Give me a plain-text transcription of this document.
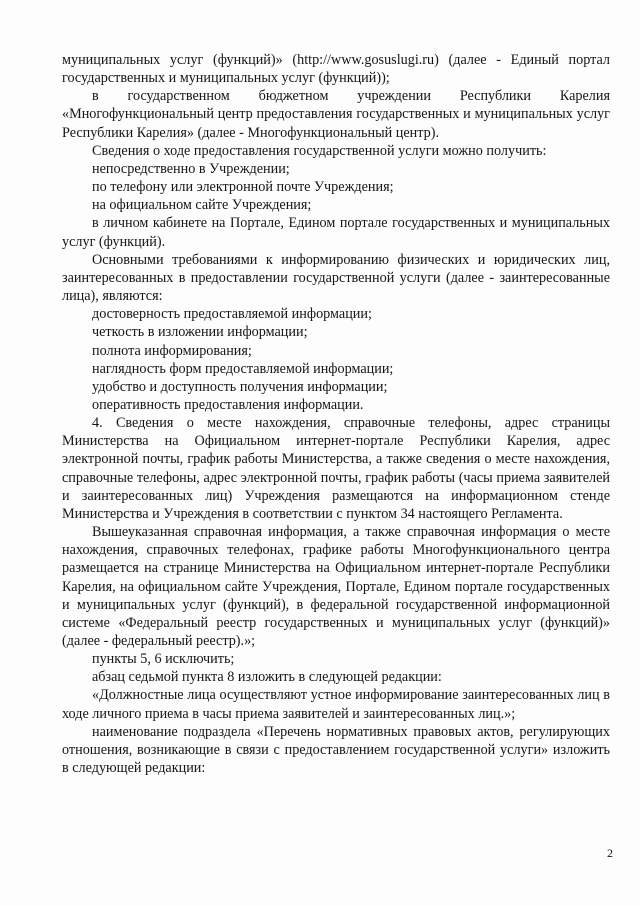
муниципальных услуг (функций)» (http://www.gosuslugi.ru) (далее - Единый портал государственных и муниципальных услуг (функций));

в государственном бюджетном учреждении Республики Карелия «Многофункциональный центр предоставления государственных и муниципальных услуг Республики Карелия» (далее - Многофункциональный центр).

Сведения о ходе предоставления государственной услуги можно получить:

непосредственно в Учреждении;

по телефону или электронной почте Учреждения;

на официальном сайте Учреждения;

в личном кабинете на Портале, Едином портале государственных и муниципальных услуг (функций).

Основными требованиями к информированию физических и юридических лиц, заинтересованных в предоставлении государственной услуги (далее - заинтересованные лица), являются:

достоверность предоставляемой информации;

четкость в изложении информации;

полнота информирования;

наглядность форм предоставляемой информации;

удобство и доступность получения информации;

оперативность предоставления информации.

4. Сведения о месте нахождения, справочные телефоны, адрес страницы Министерства на Официальном интернет-портале Республики Карелия, адрес электронной почты, график работы Министерства, а также сведения о месте нахождения, справочные телефоны, адрес электронной почты, график работы (часы приема заявителей и заинтересованных лиц) Учреждения размещаются на информационном стенде Министерства и Учреждения в соответствии с пунктом 34 настоящего Регламента.

Вышеуказанная справочная информация, а также справочная информация о месте нахождения, справочных телефонах, графике работы Многофункционального центра размещается на странице Министерства на Официальном интернет-портале Республики Карелия, на официальном сайте Учреждения, Портале, Едином портале государственных и муниципальных услуг (функций), в федеральной государственной информационной системе «Федеральный реестр государственных и муниципальных услуг (функций)» (далее - федеральный реестр).»;

пункты 5, 6 исключить;

абзац седьмой пункта 8 изложить в следующей редакции:

«Должностные лица осуществляют устное информирование заинтересованных лиц в ходе личного приема в часы приема заявителей и заинтересованных лиц.»;

наименование подраздела «Перечень нормативных правовых актов, регулирующих отношения, возникающие в связи с предоставлением государственной услуги» изложить в следующей редакции:

2
